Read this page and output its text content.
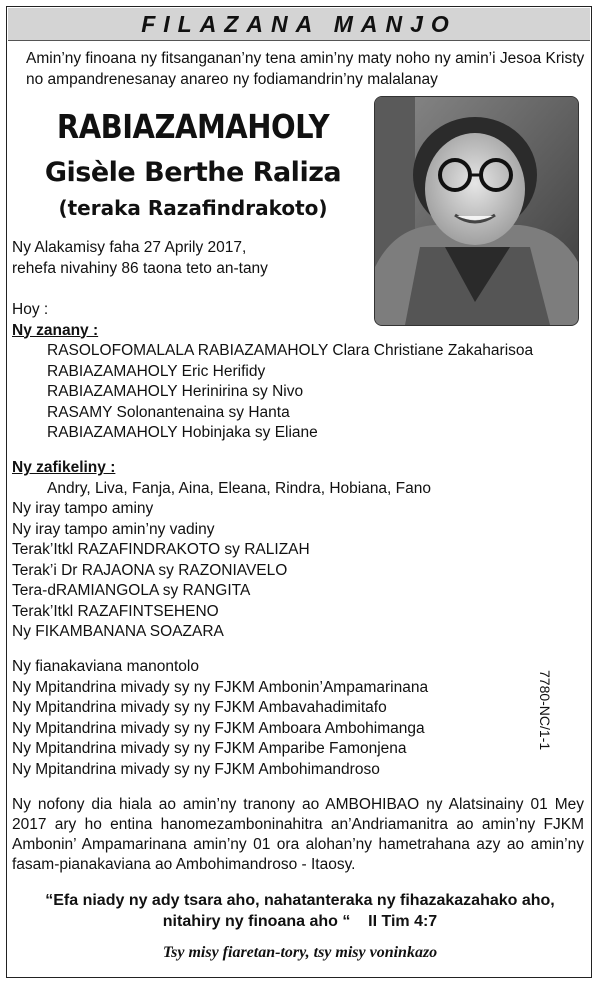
FILAZANA MANJO
Amin’ny finoana ny fitsanganan’ny tena amin’ny maty noho ny amin’i Jesoa Kristy
no ampandrenesanay anareo ny fodiamandrin’ny malalanay
RABIAZAMAHOLY
Gisèle Berthe Raliza
(teraka Razafindrakoto)
Ny Alakamisy faha 27 Aprily 2017,
rehefa nivahiny 86 taona teto an-tany
Hoy :
Ny zanany :
RASOLOFOMALALA RABIAZAMAHOLY Clara Christiane Zakaharisoa
RABIAZAMAHOLY Eric Herifidy
RABIAZAMAHOLY Herinirina sy Nivo
RASAMY Solonantenaina sy Hanta
RABIAZAMAHOLY Hobinjaka sy Eliane
Ny zafikeliny :
Andry, Liva, Fanja, Aina, Eleana, Rindra, Hobiana, Fano
Ny iray tampo aminy
Ny iray tampo amin’ny vadiny
Terak’Itkl RAZAFINDRAKOTO sy RALIZAH
Terak’i Dr RAJAONA sy RAZONIAVELO
Tera-dRAMIANGOLA sy RANGITA
Terak’Itkl RAZAFINTSEHENO
Ny FIKAMBANANA SOAZARA
Ny fianakaviana manontolo
Ny Mpitandrina mivady sy ny FJKM Ambonin’Ampamarinana
Ny Mpitandrina mivady sy ny FJKM Ambavahadimitafo
Ny Mpitandrina mivady sy ny FJKM Amboara Ambohimanga
Ny Mpitandrina mivady sy ny FJKM Amparibe Famonjena
Ny Mpitandrina mivady sy ny FJKM Ambohimandroso
7780-NC/1-1
Ny nofony dia hiala ao amin’ny tranony ao AMBOHIBAO ny Alatsinainy 01 Mey 2017 ary ho entina hanomezamboninahitra an’Andriamanitra ao amin’ny FJKM Ambonin’ Ampamarinana amin’ny 01 ora alohan’ny hametrahana azy ao amin’ny fasam-pianakaviana ao Ambohimandroso - Itaosy.
“Efa niady ny ady tsara aho, nahatanteraka ny fihazakazahako aho,
nitahiry ny finoana aho “ II Tim 4:7
Tsy misy fiaretan-tory, tsy misy voninkazo
